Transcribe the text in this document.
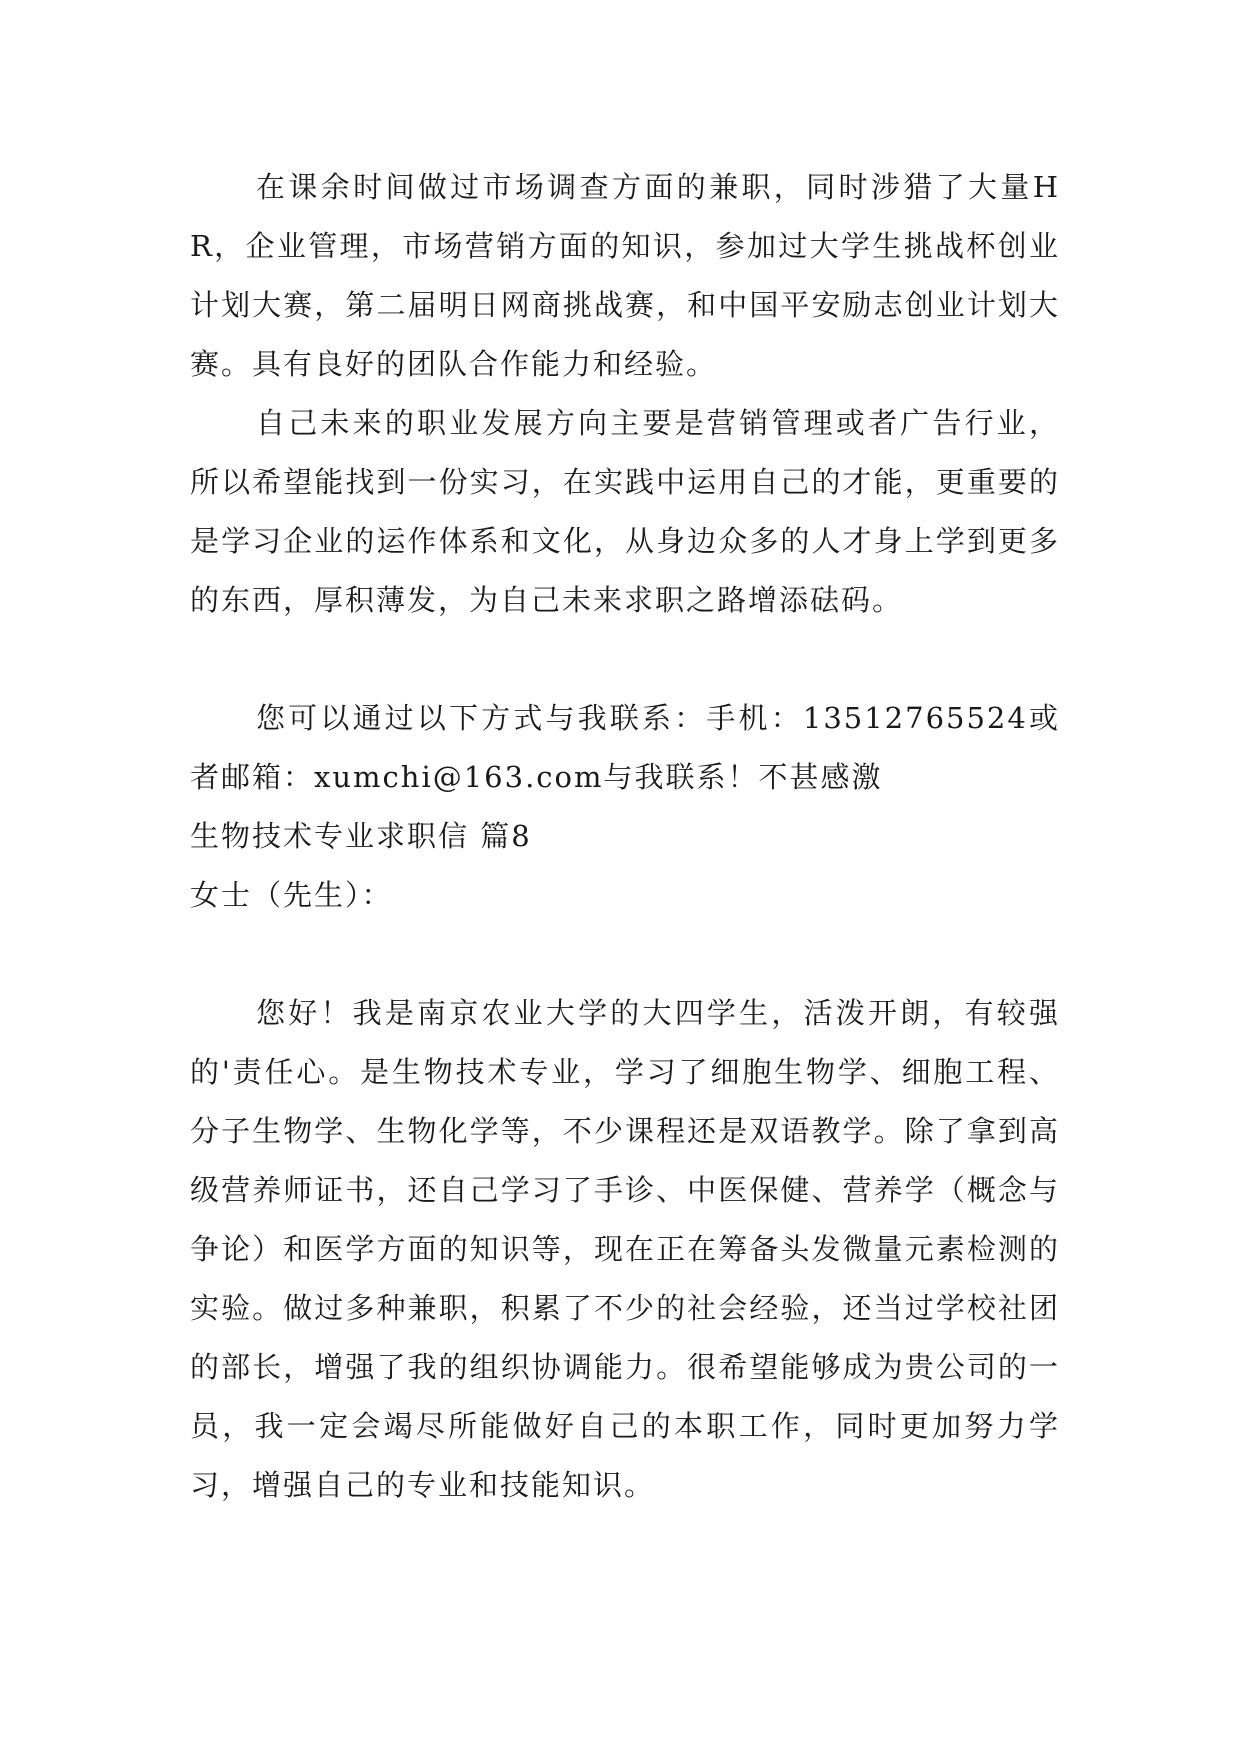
在课余时间做过市场调查方面的兼职，同时涉猎了大量HR，企业管理，市场营销方面的知识，参加过大学生挑战杯创业计划大赛，第二届明日网商挑战赛，和中国平安励志创业计划大赛。具有良好的团队合作能力和经验。

自己未来的职业发展方向主要是营销管理或者广告行业，所以希望能找到一份实习，在实践中运用自己的才能，更重要的是学习企业的运作体系和文化，从身边众多的人才身上学到更多的东西，厚积薄发，为自己未来求职之路增添砝码。

您可以通过以下方式与我联系：手机：13512765524或者邮箱：xumchi@163.com与我联系！不甚感激

生物技术专业求职信 篇8

女士（先生）：

您好！我是南京农业大学的大四学生，活泼开朗，有较强的'责任心。是生物技术专业，学习了细胞生物学、细胞工程、分子生物学、生物化学等，不少课程还是双语教学。除了拿到高级营养师证书，还自己学习了手诊、中医保健、营养学（概念与争论）和医学方面的知识等，现在正在筹备头发微量元素检测的实验。做过多种兼职，积累了不少的社会经验，还当过学校社团的部长，增强了我的组织协调能力。很希望能够成为贵公司的一员，我一定会竭尽所能做好自己的本职工作，同时更加努力学习，增强自己的专业和技能知识。
